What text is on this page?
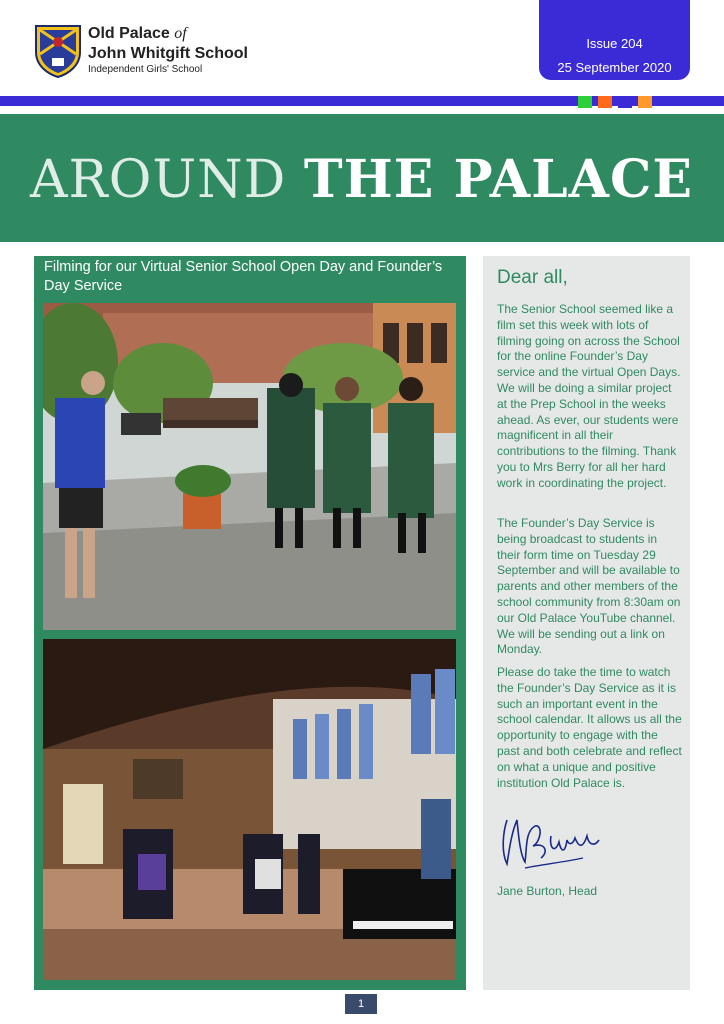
Old Palace of
John Whitgift School
Independent Girls' School
Issue 204
25 September 2020
AROUND THE PALACE
Filming for our Virtual Senior School Open Day and Founder’s Day Service	Dear all,
The Senior School seemed like a film set this week with lots of filming going on across the School for the online Founder’s Day service and the virtual Open Days. We will be doing a similar project at the Prep School in the weeks ahead. As ever, our students were magnificent in all their contributions to the filming. Thank you to Mrs Berry for all her hard work in coordinating the project.
The Founder’s Day Service is being broadcast to students in their form time on Tuesday 29 September and will be available to parents and other members of the school community from 8:30am on our Old Palace YouTube channel. We will be sending out a link on Monday.
Please do take the time to watch the Founder’s Day Service as it is such an important event in the school calendar. It allows us all the opportunity to engage with the past and both celebrate and reflect on what a unique and positive institution Old Palace is.
Jane Burton, Head
1
